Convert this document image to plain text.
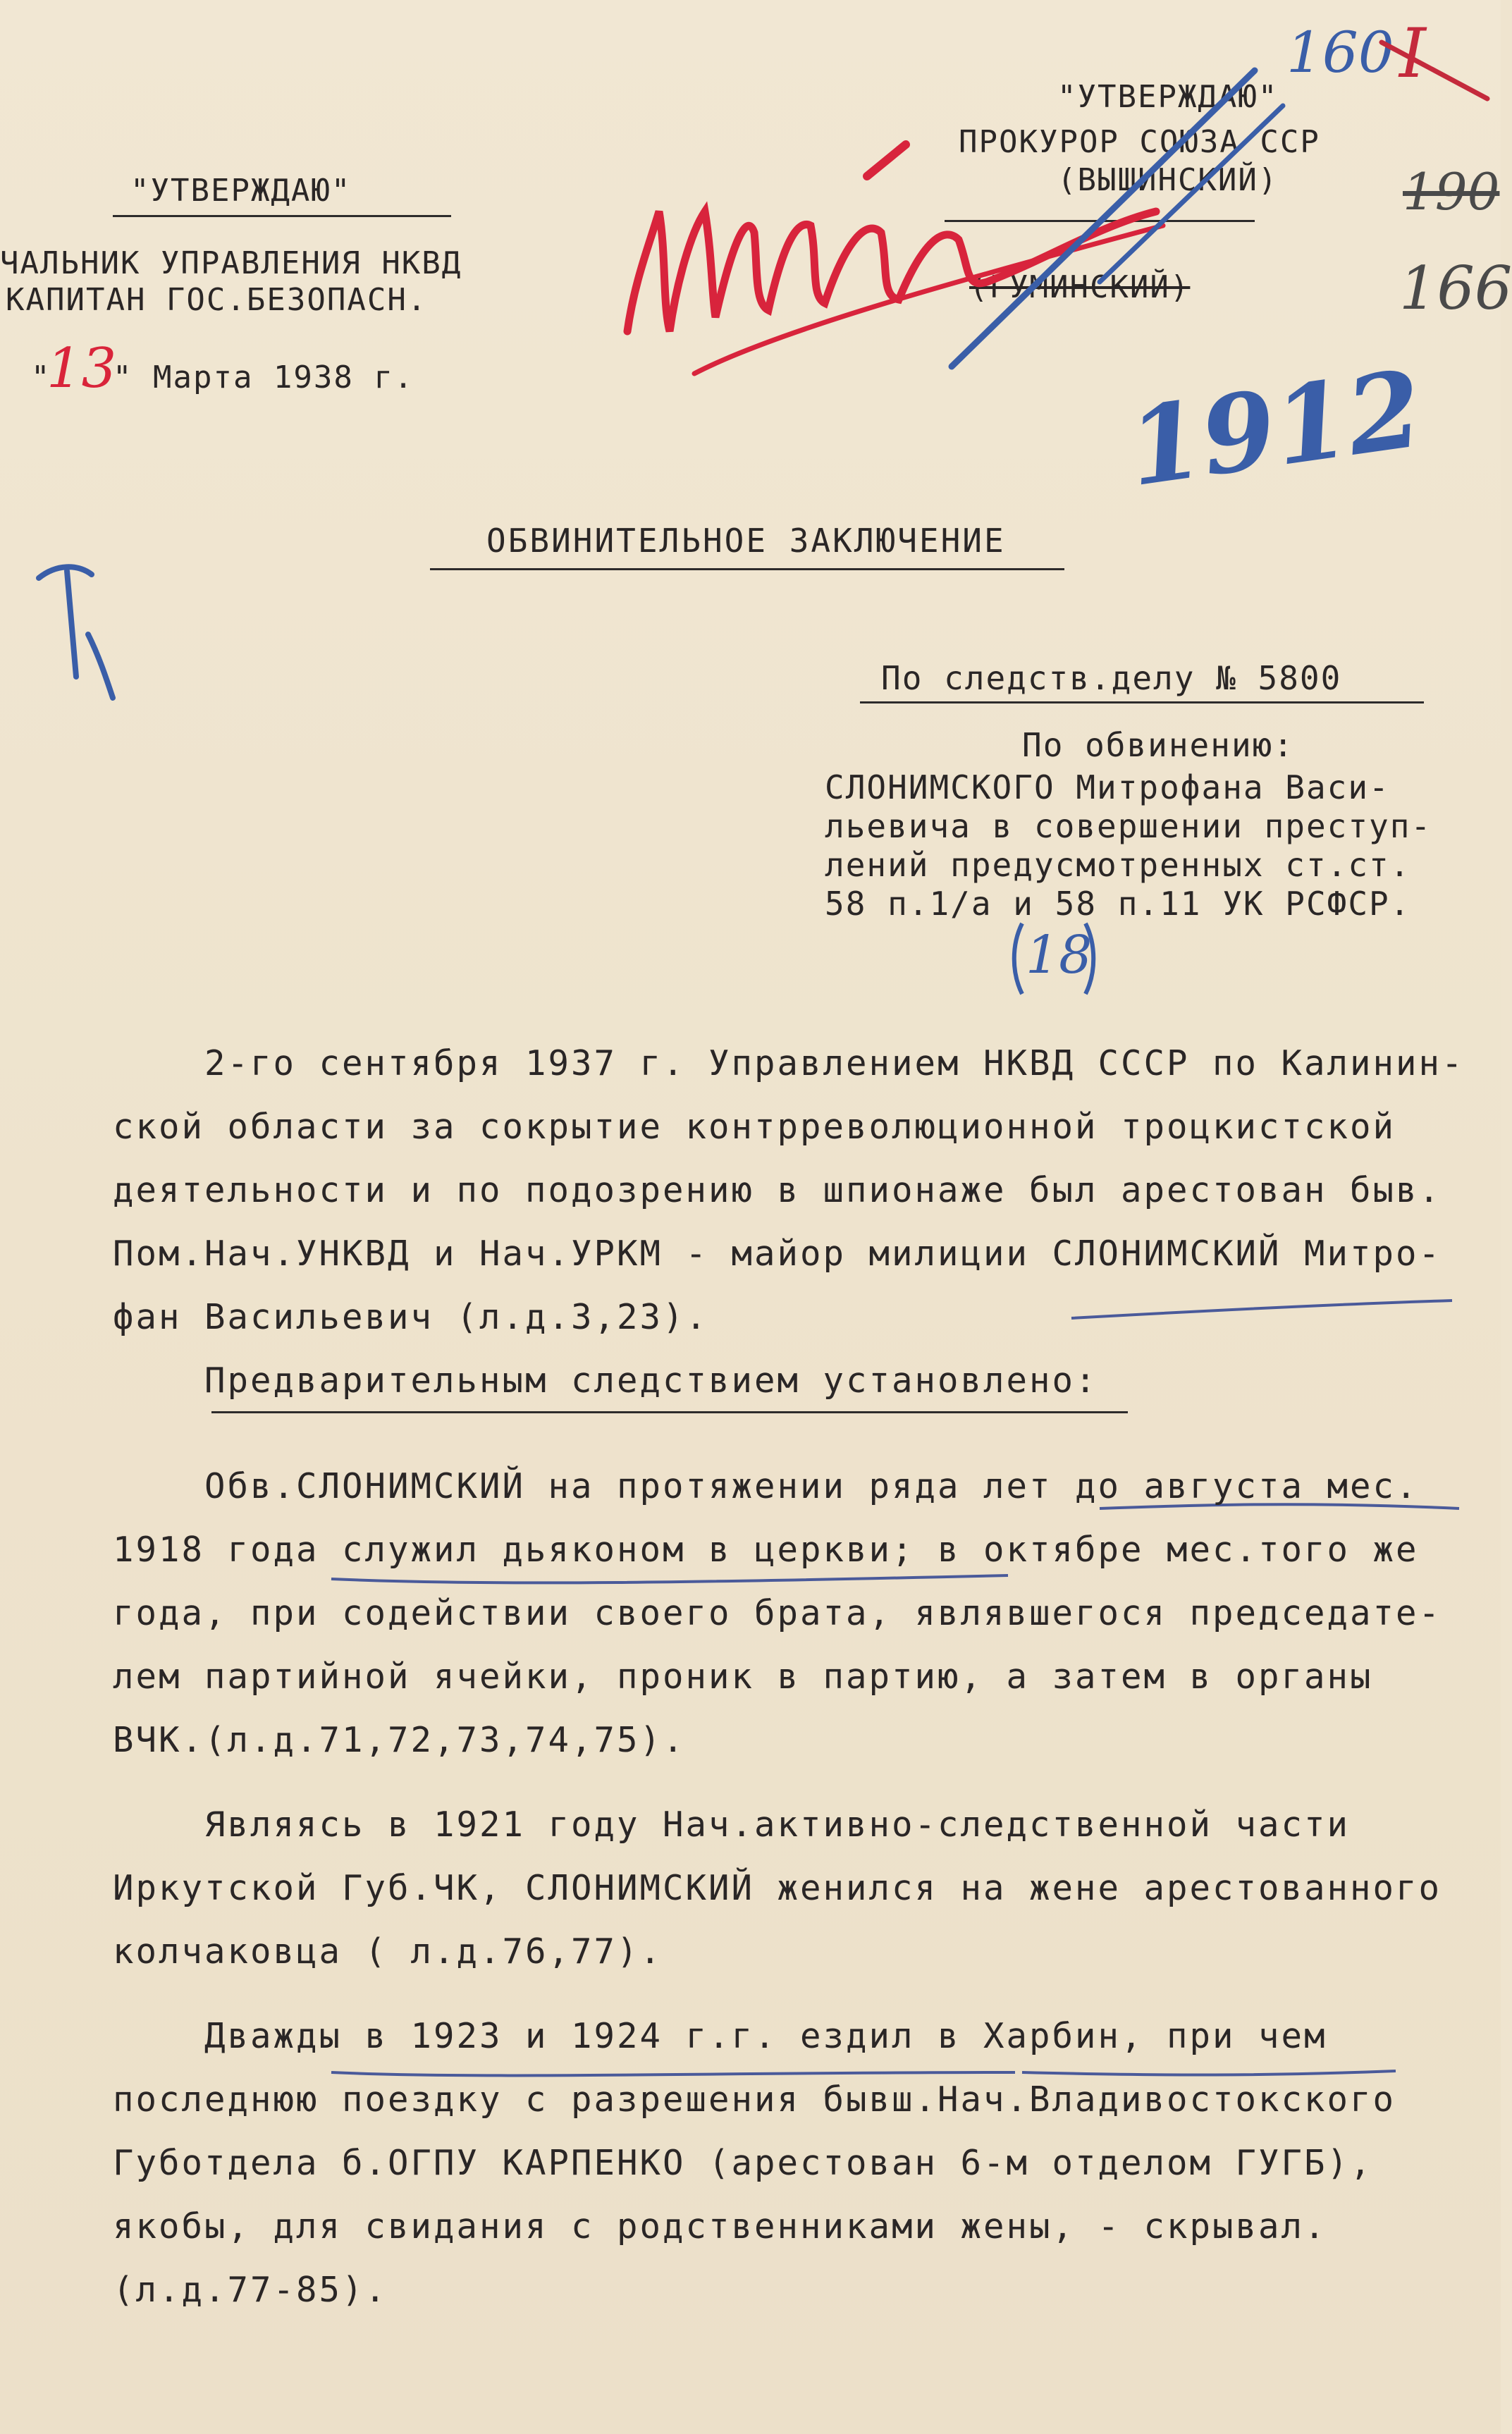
"УТВЕРЖДАЮ"
ЧАЛЬНИК УПРАВЛЕНИЯ НКВД
КАПИТАН ГОС.БЕЗОПАСН.
"
13
" Марта 1938 г.
"УТВЕРЖДАЮ"
ПРОКУРОР СОЮЗА ССР
(ВЫШИНСКИЙ)
(ГУМИНСКИЙ)
I
190
166
160
1912
18
ОБВИНИТЕЛЬНОЕ ЗАКЛЮЧЕНИЕ
По следств.делу № 5800
По обвинению:
СЛОНИМСКОГО Митрофана Васи-
льевича в совершении преступ-
лений предусмотренных ст.ст.
58 п.1/а и 58 п.11 УК РСФСР.
2-го сентября 1937 г. Управлением НКВД СССР по Калинин-
ской области за сокрытие контрреволюционной троцкистской
деятельности и по подозрению в шпионаже был арестован быв.
Пом.Нач.УНКВД и Нач.УРКМ - майор милиции СЛОНИМСКИЙ Митро-
фан Васильевич (л.д.3,23).
Предварительным следствием установлено:
Обв.СЛОНИМСКИЙ на протяжении ряда лет до августа мес.
1918 года служил дьяконом в церкви; в октябре мес.того же
года, при содействии своего брата, являвшегося председате-
лем партийной ячейки, проник в партию, а затем в органы
ВЧК.(л.д.71,72,73,74,75).
Являясь в 1921 году Нач.активно-следственной части
Иркутской Губ.ЧК, СЛОНИМСКИЙ женился на жене арестованного
колчаковца ( л.д.76,77).
Дважды в 1923 и 1924 г.г. ездил в Харбин, при чем
последнюю поездку с разрешения бывш.Нач.Владивостокского
Губотдела б.ОГПУ КАРПЕНКО (арестован 6-м отделом ГУГБ),
якобы, для свидания с родственниками жены, - скрывал.
(л.д.77-85).
